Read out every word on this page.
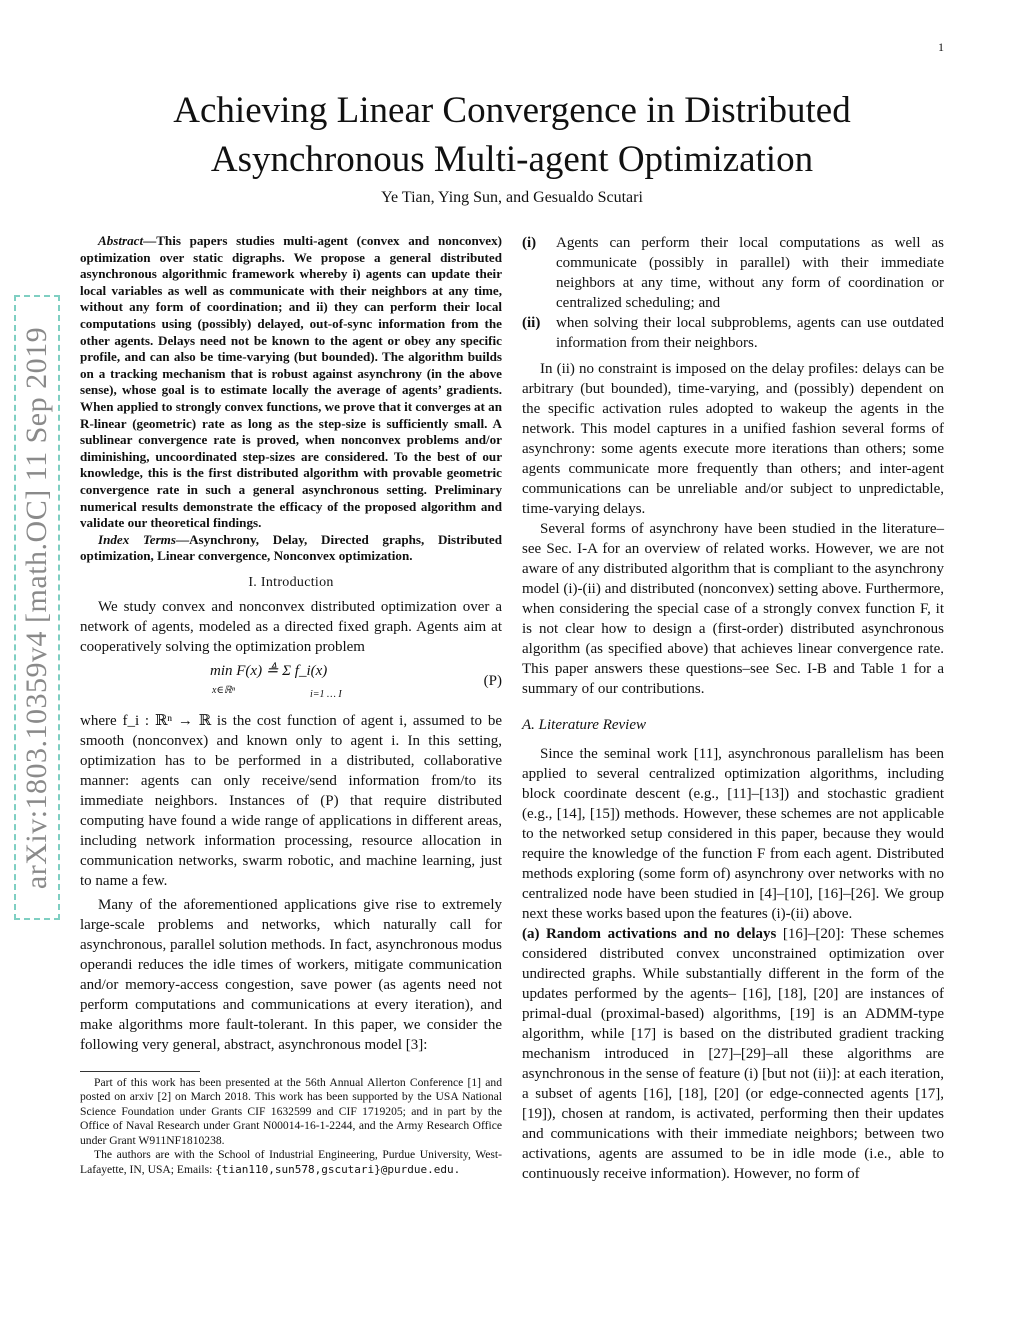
1
arXiv:1803.10359v4 [math.OC] 11 Sep 2019
Achieving Linear Convergence in Distributed
Asynchronous Multi-agent Optimization
Ye Tian, Ying Sun, and Gesualdo Scutari

Abstract—This papers studies multi-agent (convex and nonconvex) optimization over static digraphs. We propose a general distributed asynchronous algorithmic framework whereby i) agents can update their local variables as well as communicate with their neighbors at any time, without any form of coordination; and ii) they can perform their local computations using (possibly) delayed, out-of-sync information from the other agents. Delays need not be known to the agent or obey any specific profile, and can also be time-varying (but bounded). The algorithm builds on a tracking mechanism that is robust against asynchrony (in the above sense), whose goal is to estimate locally the average of agents’ gradients. When applied to strongly convex functions, we prove that it converges at an R-linear (geometric) rate as long as the step-size is sufficiently small. A sublinear convergence rate is proved, when nonconvex problems and/or diminishing, uncoordinated step-sizes are considered. To the best of our knowledge, this is the first distributed algorithm with provable geometric convergence rate in such a general asynchronous setting. Preliminary numerical results demonstrate the efficacy of the proposed algorithm and validate our theoretical findings.

Index Terms—Asynchrony, Delay, Directed graphs, Distributed optimization, Linear convergence, Nonconvex optimization.

I. Introduction

We study convex and nonconvex distributed optimization over a network of agents, modeled as a directed fixed graph. Agents aim at cooperatively solving the optimization problem

min F(x) ≜ Σ f_i(x)
x∈ℝⁿ	i=1 … I
(P)

where f_i : ℝⁿ → ℝ is the cost function of agent i, assumed to be smooth (nonconvex) and known only to agent i. In this setting, optimization has to be performed in a distributed, collaborative manner: agents can only receive/send information from/to its immediate neighbors. Instances of (P) that require distributed computing have found a wide range of applications in different areas, including network information processing, resource allocation in communication networks, swarm robotic, and machine learning, just to name a few.

Many of the aforementioned applications give rise to extremely large-scale problems and networks, which naturally call for asynchronous, parallel solution methods. In fact, asynchronous modus operandi reduces the idle times of workers, mitigate communication and/or memory-access congestion, save power (as agents need not perform computations and communications at every iteration), and make algorithms more fault-tolerant. In this paper, we consider the following very general, abstract, asynchronous model [3]:

Part of this work has been presented at the 56th Annual Allerton Conference [1] and posted on arxiv [2] on March 2018. This work has been supported by the USA National Science Foundation under Grants CIF 1632599 and CIF 1719205; and in part by the Office of Naval Research under Grant N00014-16-1-2244, and the Army Research Office under Grant W911NF1810238.

The authors are with the School of Industrial Engineering, Purdue University, West-Lafayette, IN, USA; Emails: {tian110,sun578,gscutari}@purdue.edu.

(i) Agents can perform their local computations as well as communicate (possibly in parallel) with their immediate neighbors at any time, without any form of coordination or centralized scheduling; and

(ii) when solving their local subproblems, agents can use outdated information from their neighbors.

In (ii) no constraint is imposed on the delay profiles: delays can be arbitrary (but bounded), time-varying, and (possibly) dependent on the specific activation rules adopted to wakeup the agents in the network. This model captures in a unified fashion several forms of asynchrony: some agents execute more iterations than others; some agents communicate more frequently than others; and inter-agent communications can be unreliable and/or subject to unpredictable, time-varying delays.

Several forms of asynchrony have been studied in the literature–see Sec. I-A for an overview of related works. However, we are not aware of any distributed algorithm that is compliant to the asynchrony model (i)-(ii) and distributed (nonconvex) setting above. Furthermore, when considering the special case of a strongly convex function F, it is not clear how to design a (first-order) distributed asynchronous algorithm (as specified above) that achieves linear convergence rate. This paper answers these questions–see Sec. I-B and Table 1 for a summary of our contributions.

A. Literature Review

Since the seminal work [11], asynchronous parallelism has been applied to several centralized optimization algorithms, including block coordinate descent (e.g., [11]–[13]) and stochastic gradient (e.g., [14], [15]) methods. However, these schemes are not applicable to the networked setup considered in this paper, because they would require the knowledge of the function F from each agent. Distributed methods exploring (some form of) asynchrony over networks with no centralized node have been studied in [4]–[10], [16]–[26]. We group next these works based upon the features (i)-(ii) above.

(a) Random activations and no delays [16]–[20]: These schemes considered distributed convex unconstrained optimization over undirected graphs. While substantially different in the form of the updates performed by the agents– [16], [18], [20] are instances of primal-dual (proximal-based) algorithms, [19] is an ADMM-type algorithm, while [17] is based on the distributed gradient tracking mechanism introduced in [27]–[29]–all these algorithms are asynchronous in the sense of feature (i) [but not (ii)]: at each iteration, a subset of agents [16], [18], [20] (or edge-connected agents [17], [19]), chosen at random, is activated, performing then their updates and communications with their immediate neighbors; between two activations, agents are assumed to be in idle mode (i.e., able to continuously receive information). However, no form of
